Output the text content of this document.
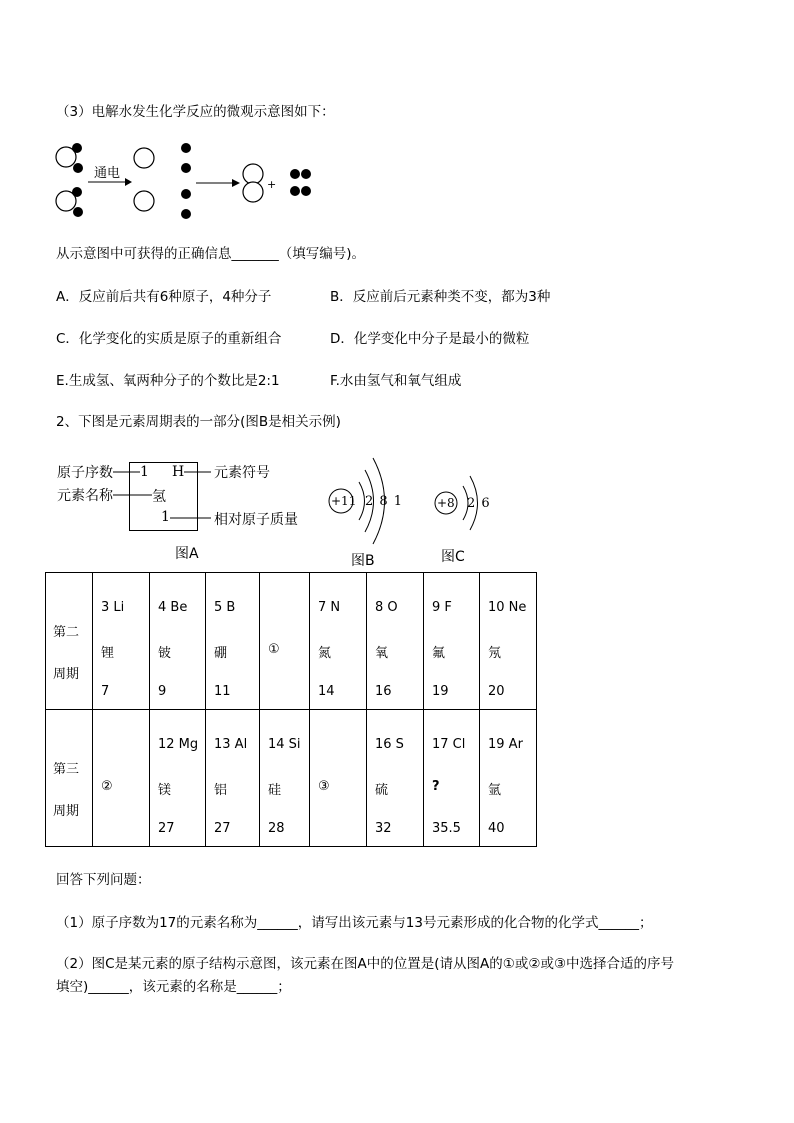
（3）电解水发生化学反应的微观示意图如下：
通电
+
从示意图中可获得的正确信息_______（填写编号)。
A．反应前后共有6种原子，4种分子	B．反应前后元素种类不变，都为3种
C．化学变化的实质是原子的重新组合	D．化学变化中分子是最小的微粒
E.生成氢、氧两种分子的个数比是2:1	F.水由氢气和氧气组成
2、下图是元素周期表的一部分(图B是相关示例)
原子序数
元素名称
1 H
氢
1
元素符号
相对原子质量
图A
+11 2 8 1
图B
+8 2 6
图C
第二
周期	3 Li
锂
7	4 Be
铍
9	5 B
硼
11	①	7 N
氮
14	8 O
氧
16	9 F
氟
19	10 Ne
氖
20

第三
周期	②	12 Mg
镁
27	13 Al
铝
27	14 Si
硅
28	③	16 S
硫
32	17 Cl
?
35.5	19 Ar
氩
40
回答下列问题：
（1）原子序数为17的元素名称为______，请写出该元素与13号元素形成的化合物的化学式______；
（2）图C是某元素的原子结构示意图，该元素在图A中的位置是(请从图A的①或②或③中选择合适的序号
填空)______，该元素的名称是______；
